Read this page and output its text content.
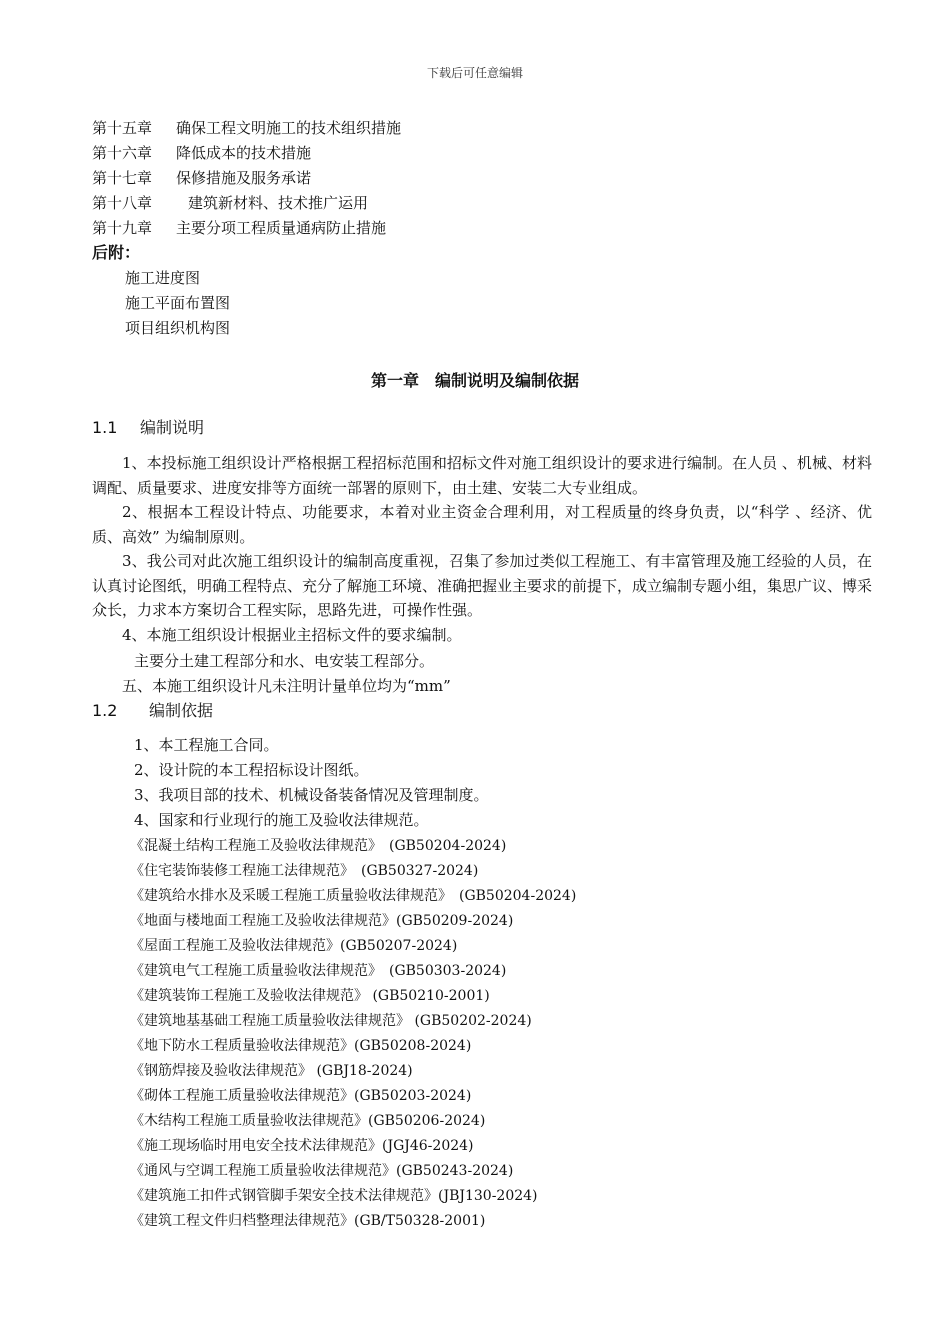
下载后可任意编辑
第十五章 确保工程文明施工的技术组织措施
第十六章 降低成本的技术措施
第十七章 保修措施及服务承诺
第十八章 建筑新材料、技术推广运用
第十九章 主要分项工程质量通病防止措施
后附：
施工进度图
施工平面布置图
项目组织机构图
第一章　编制说明及编制依据
1.1 编制说明
1、本投标施工组织设计严格根据工程招标范围和招标文件对施工组织设计的要求进行编制。在人员 、机械、材料调配、质量要求、进度安排等方面统一部署的原则下，由土建、安装二大专业组成。
2、根据本工程设计特点、功能要求，本着对业主资金合理利用，对工程质量的终身负责，以“科学 、经济、优质、高效” 为编制原则。
3、我公司对此次施工组织设计的编制高度重视，召集了参加过类似工程施工、有丰富管理及施工经验的人员，在认真讨论图纸，明确工程特点、充分了解施工环境、准确把握业主要求的前提下，成立编制专题小组，集思广议、博采众长，力求本方案切合工程实际，思路先进，可操作性强。
4、本施工组织设计根据业主招标文件的要求编制。
主要分土建工程部分和水、电安装工程部分。
五、本施工组织设计凡未注明计量单位均为“mm”
1.2 编制依据
1、本工程施工合同。
2、设计院的本工程招标设计图纸。
3、我项目部的技术、机械设备装备情况及管理制度。
4、国家和行业现行的施工及验收法律规范。
《混凝土结构工程施工及验收法律规范》　(GB50204-2024)
《住宅装饰装修工程施工法律规范》　(GB50327-2024)
《建筑给水排水及采暖工程施工质量验收法律规范》　(GB50204-2024)
《地面与楼地面工程施工及验收法律规范》(GB50209-2024)
《屋面工程施工及验收法律规范》(GB50207-2024)
《建筑电气工程施工质量验收法律规范》　(GB50303-2024)
《建筑装饰工程施工及验收法律规范》 (GB50210-2001)
《建筑地基基础工程施工质量验收法律规范》 (GB50202-2024)
《地下防水工程质量验收法律规范》(GB50208-2024)
《钢筋焊接及验收法律规范》 (GBJ18-2024)
《砌体工程施工质量验收法律规范》(GB50203-2024)
《木结构工程施工质量验收法律规范》(GB50206-2024)
《施工现场临时用电安全技术法律规范》(JGJ46-2024)
《通风与空调工程施工质量验收法律规范》(GB50243-2024)
《建筑施工扣件式钢管脚手架安全技术法律规范》(JBJ130-2024)
《建筑工程文件归档整理法律规范》(GB/T50328-2001)
